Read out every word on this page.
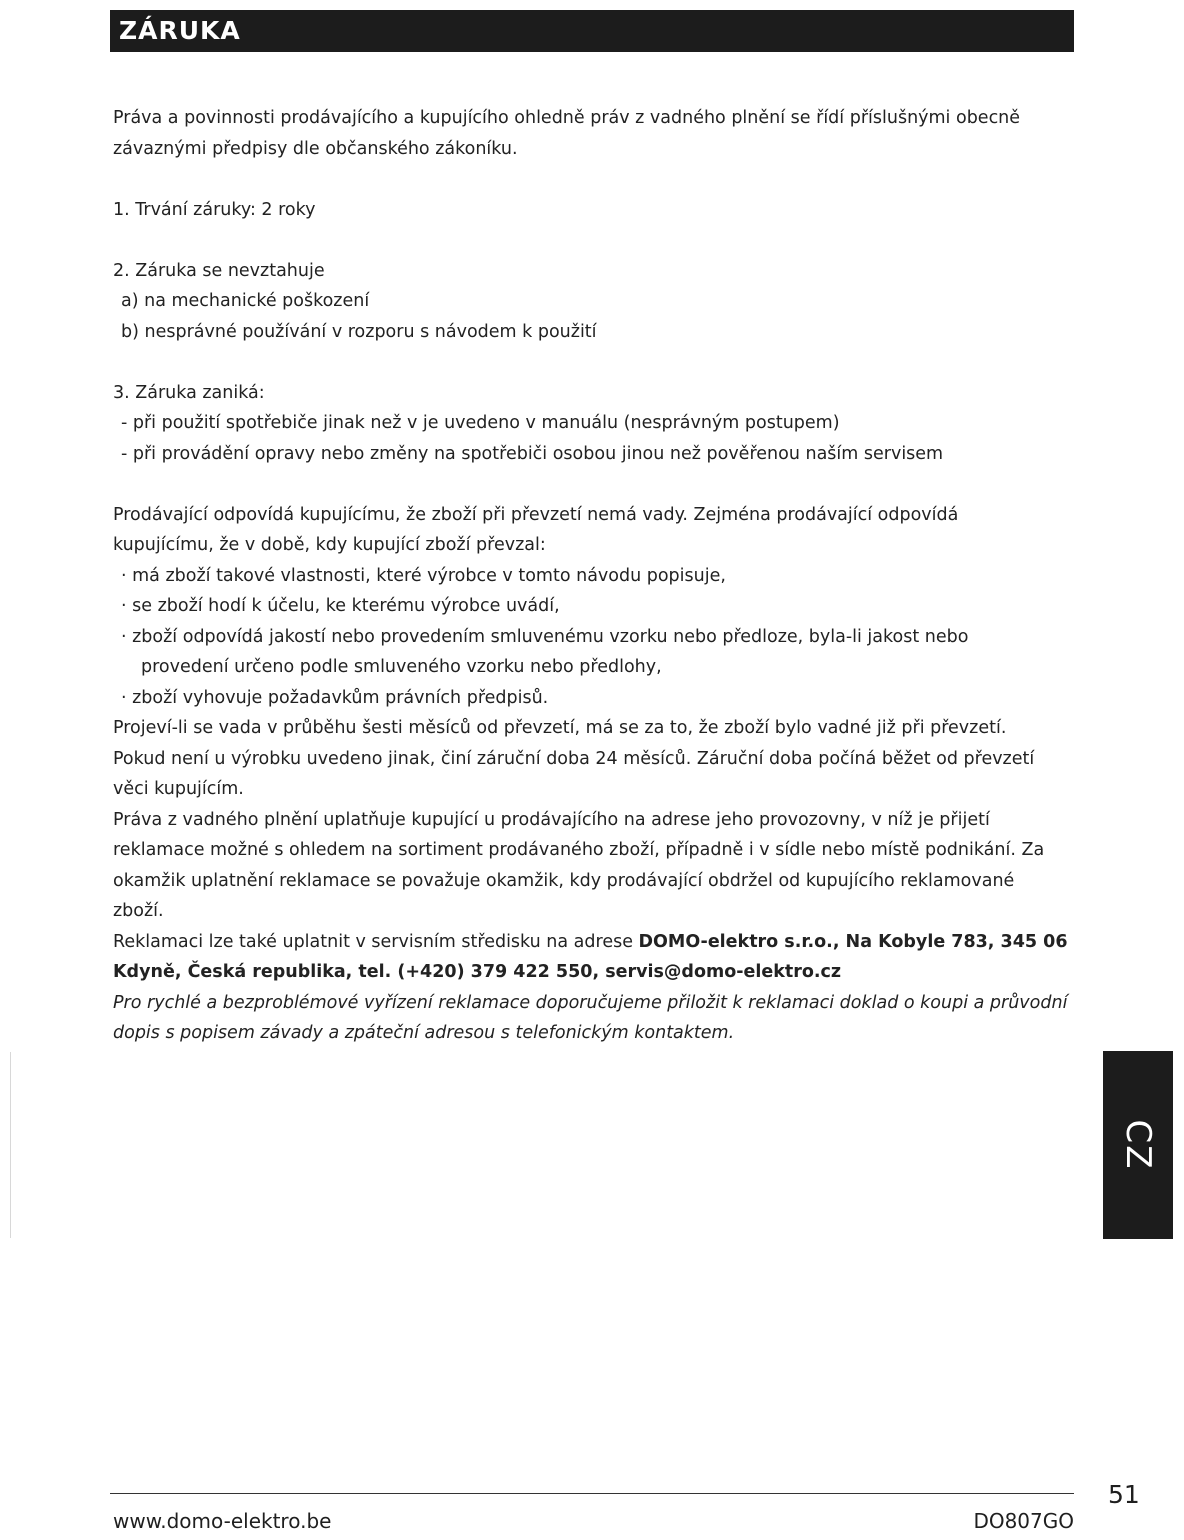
ZÁRUKA
Práva a povinnosti prodávajícího a kupujícího ohledně práv z vadného plnění se řídí příslušnými obecně
závaznými předpisy dle občanského zákoníku.
1. Trvání záruky: 2 roky
2. Záruka se nevztahuje
a) na mechanické poškození
b) nesprávné používání v rozporu s návodem k použití
3. Záruka zaniká:
- při použití spotřebiče jinak než v je uvedeno v manuálu (nesprávným postupem)
- při provádění opravy nebo změny na spotřebiči osobou jinou než pověřenou naším servisem
Prodávající odpovídá kupujícímu, že zboží při převzetí nemá vady. Zejména prodávající odpovídá
kupujícímu, že v době, kdy kupující zboží převzal:
· má zboží takové vlastnosti, které výrobce v tomto návodu popisuje,
· se zboží hodí k účelu, ke kterému výrobce uvádí,
· zboží odpovídá jakostí nebo provedením smluvenému vzorku nebo předloze, byla-li jakost nebo
provedení určeno podle smluveného vzorku nebo předlohy,
· zboží vyhovuje požadavkům právních předpisů.
Projeví-li se vada v průběhu šesti měsíců od převzetí, má se za to, že zboží bylo vadné již při převzetí.
Pokud není u výrobku uvedeno jinak, činí záruční doba 24 měsíců. Záruční doba počíná běžet od převzetí
věci kupujícím.
Práva z vadného plnění uplatňuje kupující u prodávajícího na adrese jeho provozovny, v níž je přijetí
reklamace možné s ohledem na sortiment prodávaného zboží, případně i v sídle nebo místě podnikání. Za
okamžik uplatnění reklamace se považuje okamžik, kdy prodávající obdržel od kupujícího reklamované
zboží.
Reklamaci lze také uplatnit v servisním středisku na adrese DOMO-elektro s.r.o., Na Kobyle 783, 345 06
Kdyně, Česká republika, tel. (+420) 379 422 550, servis@domo-elektro.cz
Pro rychlé a bezproblémové vyřízení reklamace doporučujeme přiložit k reklamaci doklad o koupi a průvodní
dopis s popisem závady a zpáteční adresou s telefonickým kontaktem.
CZ
51
www.domo-elektro.be	DO807GO
